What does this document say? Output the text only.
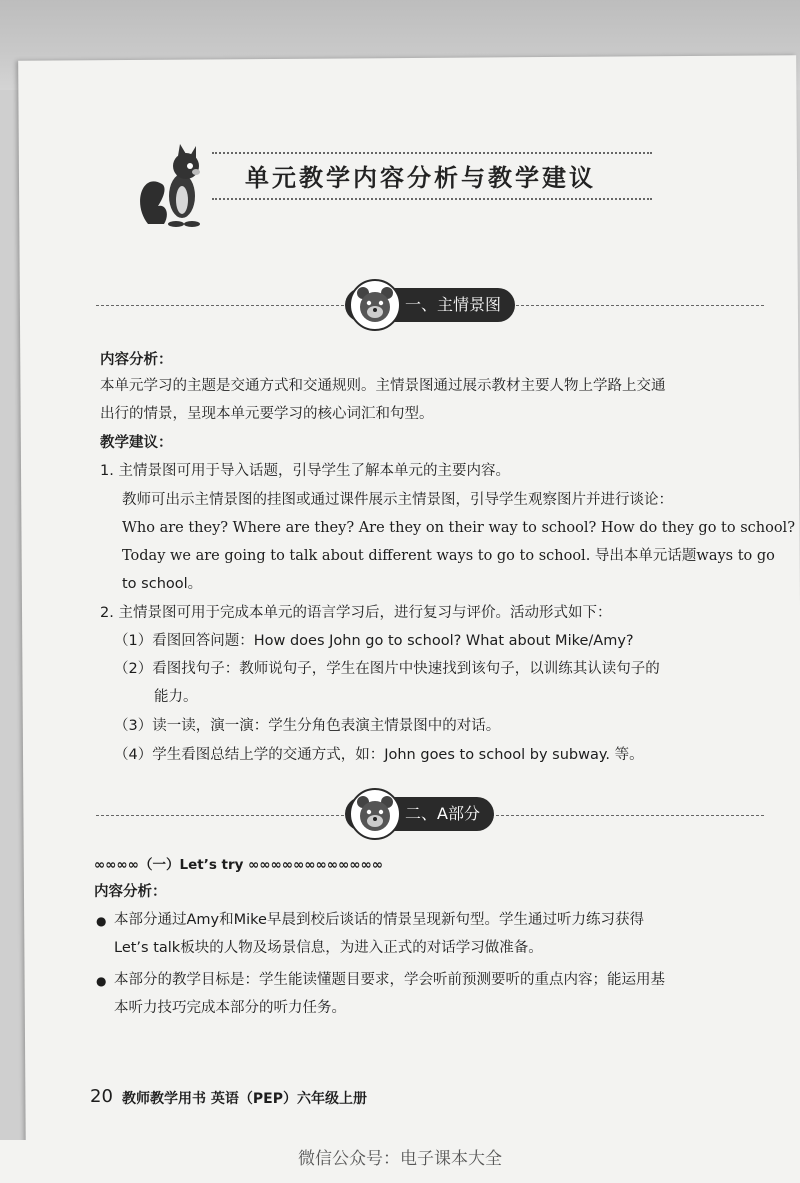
单元教学内容分析与教学建议
一、主情景图
内容分析：
本单元学习的主题是交通方式和交通规则。主情景图通过展示教材主要人物上学路上交通
出行的情景，呈现本单元要学习的核心词汇和句型。
教学建议：
1. 主情景图可用于导入话题，引导学生了解本单元的主要内容。
教师可出示主情景图的挂图或通过课件展示主情景图，引导学生观察图片并进行谈论：
Who are they? Where are they? Are they on their way to school? How do they go to school?
Today we are going to talk about different ways to go to school. 导出本单元话题ways to go
to school。
2. 主情景图可用于完成本单元的语言学习后，进行复习与评价。活动形式如下：
（1）看图回答问题：How does John go to school? What about Mike/Amy?
（2）看图找句子：教师说句子，学生在图片中快速找到该句子，以训练其认读句子的
能力。
（3）读一读，演一演：学生分角色表演主情景图中的对话。
（4）学生看图总结上学的交通方式，如：John goes to school by subway. 等。
二、A部分
∞∞∞∞（一）Let’s try ∞∞∞∞∞∞∞∞∞∞∞∞
内容分析：
● 本部分通过Amy和Mike早晨到校后谈话的情景呈现新句型。学生通过听力练习获得
Let’s talk板块的人物及场景信息，为进入正式的对话学习做准备。
● 本部分的教学目标是：学生能读懂题目要求，学会听前预测要听的重点内容；能运用基
本听力技巧完成本部分的听力任务。
20 教师教学用书 英语（PEP）六年级上册
微信公众号：电子课本大全
